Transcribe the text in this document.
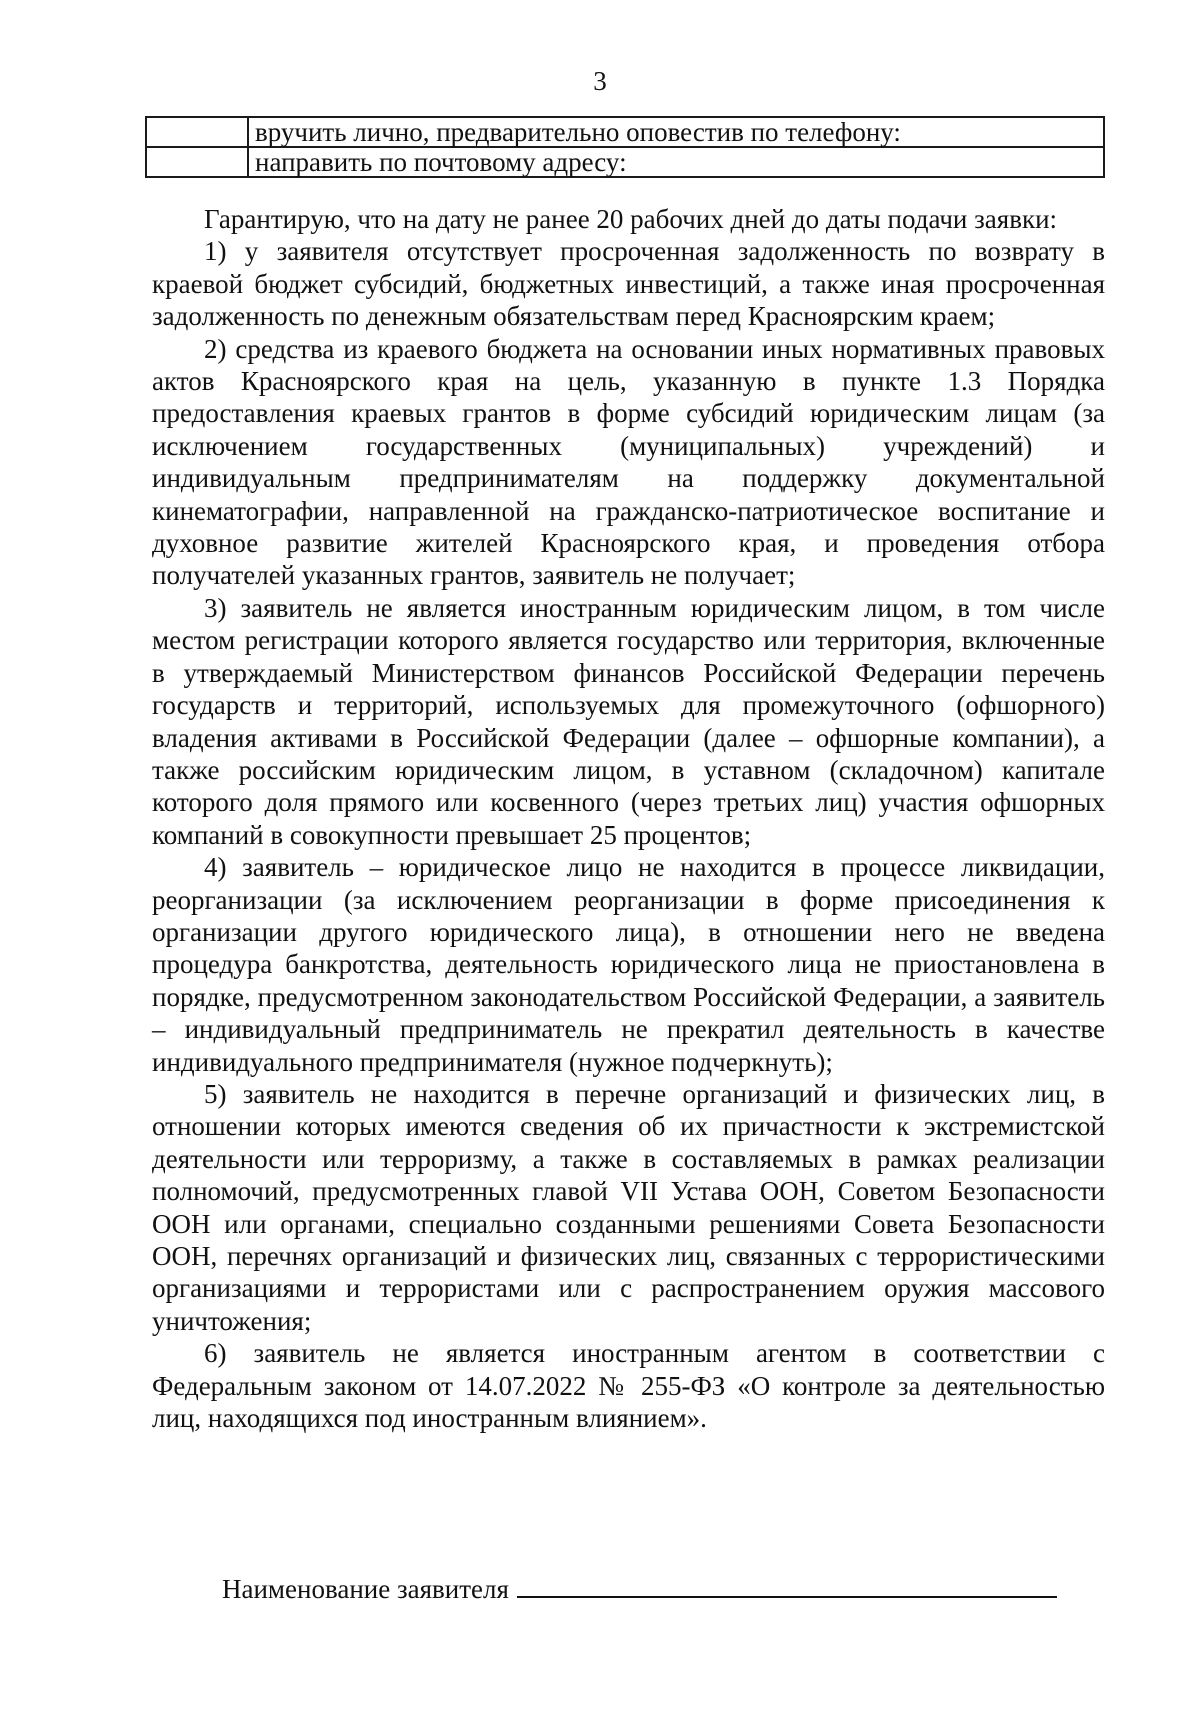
3
	вручить лично, предварительно оповестив по телефону:
	направить по почтовому адресу:

Гарантирую, что на дату не ранее 20 рабочих дней до даты подачи заявки:

1) у заявителя отсутствует просроченная задолженность по возврату в краевой бюджет субсидий, бюджетных инвестиций, а также иная просроченная задолженность по денежным обязательствам перед Красноярским краем;

2) средства из краевого бюджета на основании иных нормативных правовых актов Красноярского края на цель, указанную в пункте 1.3 Порядка предоставления краевых грантов в форме субсидий юридическим лицам (за исключением государственных (муниципальных) учреждений) и индивидуальным предпринимателям на поддержку документальной кинематографии, направленной на гражданско-патриотическое воспитание и духовное развитие жителей Красноярского края, и проведения отбора получателей указанных грантов, заявитель не получает;

3) заявитель не является иностранным юридическим лицом, в том числе местом регистрации которого является государство или территория, включенные в утверждаемый Министерством финансов Российской Федерации перечень государств и территорий, используемых для промежуточного (офшорного) владения активами в Российской Федерации (далее – офшорные компании), а также российским юридическим лицом, в уставном (складочном) капитале которого доля прямого или косвенного (через третьих лиц) участия офшорных компаний в совокупности превышает 25 процентов;

4) заявитель – юридическое лицо не находится в процессе ликвидации, реорганизации (за исключением реорганизации в форме присоединения к организации другого юридического лица), в отношении него не введена процедура банкротства, деятельность юридического лица не приостановлена в порядке, предусмотренном законодательством Российской Федерации, а заявитель – индивидуальный предприниматель не прекратил деятельность в качестве индивидуального предпринимателя (нужное подчеркнуть);

5) заявитель не находится в перечне организаций и физических лиц, в отношении которых имеются сведения об их причастности к экстремистской деятельности или терроризму, а также в составляемых в рамках реализации полномочий, предусмотренных главой VII Устава ООН, Советом Безопасности ООН или органами, специально созданными решениями Совета Безопасности ООН, перечнях организаций и физических лиц, связанных с террористическими организациями и террористами или с распространением оружия массового уничтожения;

6) заявитель не является иностранным агентом в соответствии с Федеральным законом от 14.07.2022 № 255-ФЗ «О контроле за деятельностью лиц, находящихся под иностранным влиянием».

Наименование заявителя
